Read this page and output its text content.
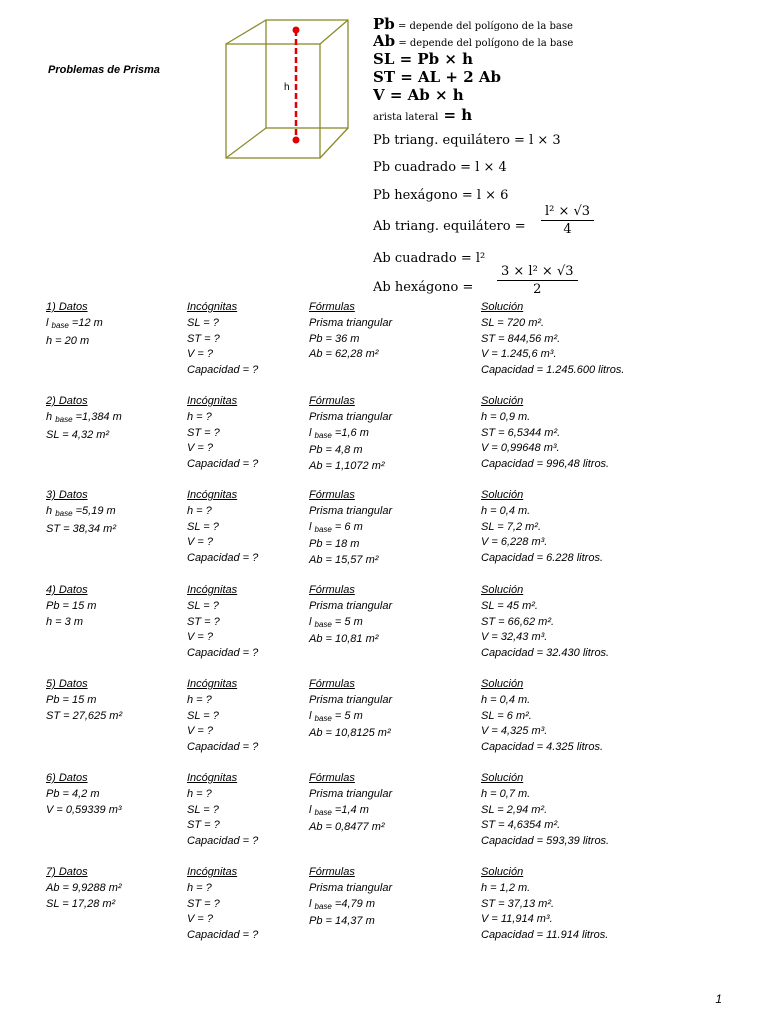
Problemas de Prisma
h
Pb = depende del polígono de la base
Ab = depende del polígono de la base
SL = Pb × h
ST = AL + 2 Ab
V = Ab × h
arista lateral = h
Pb triang. equilátero = l × 3
Pb cuadrado = l × 4
Pb hexágono = l × 6
Ab triang. equilátero = $\frac{\text{l² × √3}}{4}$
Ab cuadrado = l²
Ab hexágono = $\frac{\text{3 × l² × √3}}{2}$
1) Datos
l $_{base}$ =12 m
h = 20 m
Incógnitas
SL = ?
ST = ?
V = ?
Capacidad = ?
Fórmulas
Prisma triangular
Pb = 36 m
Ab = 62,28 m²
Solución
SL = 720 m².
ST = 844,56 m².
V = 1.245,6 m³.
Capacidad = 1.245.600 litros.
2) Datos
h $_{base}$ =1,384 m
SL = 4,32 m²
Incógnitas
h = ?
ST = ?
V = ?
Capacidad = ?
Fórmulas
Prisma triangular
l $_{base}$ =1,6 m
Pb = 4,8 m
Ab = 1,1072 m²
Solución
h = 0,9 m.
ST = 6,5344 m².
V = 0,99648 m³.
Capacidad = 996,48 litros.
3) Datos
h $_{base}$ =5,19 m
ST = 38,34 m²
Incógnitas
h = ?
SL = ?
V = ?
Capacidad = ?
Fórmulas
Prisma triangular
l $_{base}$ = 6 m
Pb = 18 m
Ab = 15,57 m²
Solución
h = 0,4 m.
SL = 7,2 m².
V = 6,228 m³.
Capacidad = 6.228 litros.
4) Datos
Pb = 15 m
h = 3 m
Incógnitas
SL = ?
ST = ?
V = ?
Capacidad = ?
Fórmulas
Prisma triangular
l $_{base}$ = 5 m
Ab = 10,81 m²
Solución
SL = 45 m².
ST = 66,62 m².
V = 32,43 m³.
Capacidad = 32.430 litros.
5) Datos
Pb = 15 m
ST = 27,625 m²
Incógnitas
h = ?
SL = ?
V = ?
Capacidad = ?
Fórmulas
Prisma triangular
l $_{base}$ = 5 m
Ab = 10,8125 m²
Solución
h = 0,4 m.
SL = 6 m².
V = 4,325 m³.
Capacidad = 4.325 litros.
6) Datos
Pb = 4,2 m
V = 0,59339 m³
Incógnitas
h = ?
SL = ?
ST = ?
Capacidad = ?
Fórmulas
Prisma triangular
l $_{base}$ =1,4 m
Ab = 0,8477 m²
Solución
h = 0,7 m.
SL = 2,94 m².
ST = 4,6354 m².
Capacidad = 593,39 litros.
7) Datos
Ab = 9,9288 m²
SL = 17,28 m²
Incógnitas
h = ?
ST = ?
V = ?
Capacidad = ?
Fórmulas
Prisma triangular
l $_{base}$ =4,79 m
Pb = 14,37 m
Solución
h = 1,2 m.
ST = 37,13 m².
V = 11,914 m³.
Capacidad = 11.914 litros.
1
